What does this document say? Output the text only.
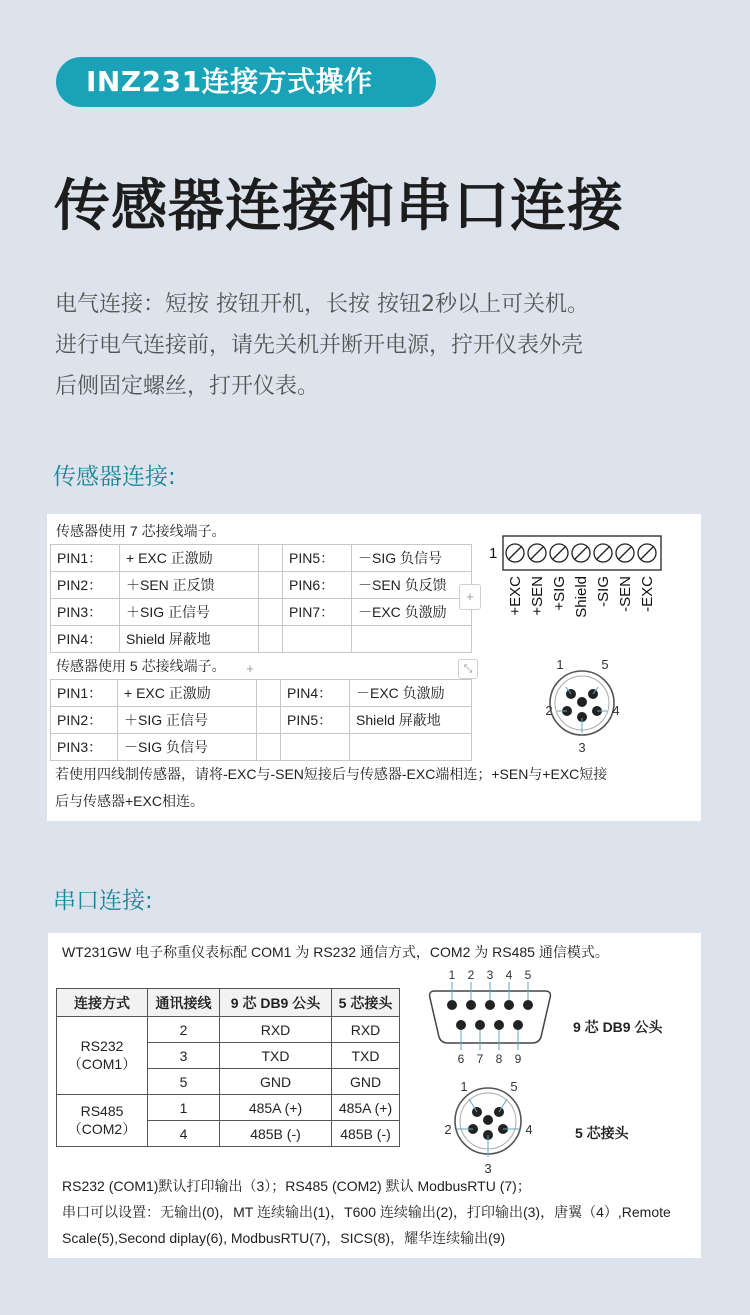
INZ231连接方式操作
传感器连接和串口连接
电气连接：短按 按钮开机，长按 按钮2秒以上可关机。
进行电气连接前，请先关机并断开电源，拧开仪表外壳
后侧固定螺丝，打开仪表。
传感器连接:
传感器使用 7 芯接线端子。
PIN1：	+ EXC 正激励		PIN5：	－SIG 负信号
PIN2：	＋SEN 正反馈		PIN6：	－SEN 负反馈
PIN3：	＋SIG 正信号		PIN7：	－EXC 负激励
PIN4：	Shield 屏蔽地			
传感器使用 5 芯接线端子。
PIN1：	+ EXC 正激励		PIN4：	－EXC 负激励
PIN2：	＋SIG 正信号		PIN5：	Shield 屏蔽地
PIN3：	－SIG 负信号			
若使用四线制传感器，请将-EXC与-SEN短接后与传感器-EXC端相连；+SEN与+EXC短接
后与传感器+EXC相连。
+
+	⤡
1
+EXC +SEN +SIG Shield -SIG -SEN -EXC
1	5
2	4
3
串口连接:
WT231GW 电子称重仪表标配 COM1 为 RS232 通信方式，COM2 为 RS485 通信模式。
连接方式	通讯接线	9 芯 DB9 公头	5 芯接头

RS232
（COM1）	2	RXD	RXD
	3	TXD	TXD
	5	GND	GND

RS485
（COM2）	1	485A (+)	485A (+)
	4	485B (-)	485B (-)
1 2 3 4 5
6 7 8 9
9 芯 DB9 公头
1	5
2	4
3
5 芯接头
RS232 (COM1)默认打印输出（3）；RS485 (COM2) 默认 ModbusRTU (7)；
串口可以设置：无输出(0)，MT 连续输出(1)，T600 连续输出(2)，打印输出(3)，唐翼（4）,Remote
Scale(5),Second diplay(6), ModbusRTU(7)，SICS(8)，耀华连续输出(9)
